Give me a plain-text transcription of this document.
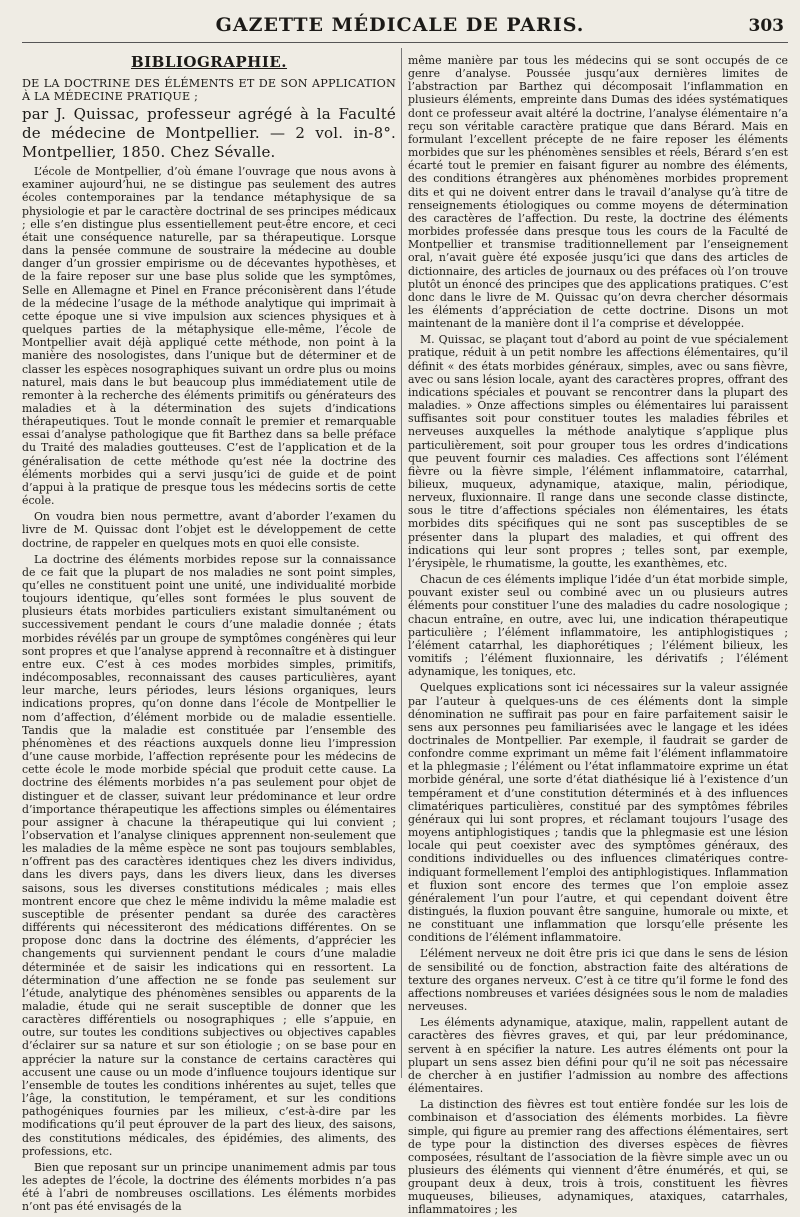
GAZETTE MÉDICALE DE PARIS.	303
BIBLIOGRAPHIE.

DE LA DOCTRINE DES ÉLÉMENTS ET DE SON APPLICATION À LA MÉDECINE PRATIQUE ;
par J. Quissac, professeur agrégé à la Faculté de médecine de Montpellier. — 2 vol. in-8°. Montpellier, 1850. Chez Sévalle.

L’école de Montpellier, d’où émane l’ouvrage que nous avons à examiner aujourd’hui, ne se distingue pas seulement des autres écoles contemporaines par la tendance métaphysique de sa physiologie et par le caractère doctrinal de ses principes médicaux ; elle s’en distingue plus essentiellement peut-être encore, et ceci était une conséquence naturelle, par sa thérapeutique. Lorsque dans la pensée commune de soustraire la médecine au double danger d’un grossier empirisme ou de décevantes hypothèses, et de la faire reposer sur une base plus solide que les symptômes, Selle en Allemagne et Pinel en France préconisèrent dans l’étude de la médecine l’usage de la méthode analytique qui imprimait à cette époque une si vive impulsion aux sciences physiques et à quelques parties de la métaphysique elle-même, l’école de Montpellier avait déjà appliqué cette méthode, non point à la manière des nosologistes, dans l’unique but de déterminer et de classer les espèces nosographiques suivant un ordre plus ou moins naturel, mais dans le but beaucoup plus immédiatement utile de remonter à la recherche des éléments primitifs ou générateurs des maladies et à la détermination des sujets d’indications thérapeutiques. Tout le monde connaît le premier et remarquable essai d’analyse pathologique que fit Barthez dans sa belle préface du Traité des maladies goutteuses. C’est de l’application et de la généralisation de cette méthode qu’est née la doctrine des éléments morbides qui a servi jusqu’ici de guide et de point d’appui à la pratique de presque tous les médecins sortis de cette école.

On voudra bien nous permettre, avant d’aborder l’examen du livre de M. Quissac dont l’objet est le développement de cette doctrine, de rappeler en quelques mots en quoi elle consiste.

La doctrine des éléments morbides repose sur la connaissance de ce fait que la plupart de nos maladies ne sont point simples, qu’elles ne constituent point une unité, une individualité morbide toujours identique, qu’elles sont formées le plus souvent de plusieurs états morbides particuliers existant simultanément ou successivement pendant le cours d’une maladie donnée ; états morbides révélés par un groupe de symptômes congénères qui leur sont propres et que l’analyse apprend à reconnaître et à distinguer entre eux. C’est à ces modes morbides simples, primitifs, indécomposables, reconnaissant des causes particulières, ayant leur marche, leurs périodes, leurs lésions organiques, leurs indications propres, qu’on donne dans l’école de Montpellier le nom d’affection, d’élément morbide ou de maladie essentielle. Tandis que la maladie est constituée par l’ensemble des phénomènes et des réactions auxquels donne lieu l’impression d’une cause morbide, l’affection représente pour les médecins de cette école le mode morbide spécial que produit cette cause. La doctrine des éléments morbides n’a pas seulement pour objet de distinguer et de classer, suivant leur prédominance et leur ordre d’importance thérapeutique les affections simples ou élémentaires pour assigner à chacune la thérapeutique qui lui convient ; l’observation et l’analyse cliniques apprennent non-seulement que les maladies de la même espèce ne sont pas toujours semblables, n’offrent pas des caractères identiques chez les divers individus, dans les divers pays, dans les divers lieux, dans les diverses saisons, sous les diverses constitutions médicales ; mais elles montrent encore que chez le même individu la même maladie est susceptible de présenter pendant sa durée des caractères différents qui nécessiteront des médications différentes. On se propose donc dans la doctrine des éléments, d’apprécier les changements qui surviennent pendant le cours d’une maladie déterminée et de saisir les indications qui en ressortent. La détermination d’une affection ne se fonde pas seulement sur l’étude, analytique des phénomènes sensibles ou apparents de la maladie, étude qui ne serait susceptible de donner que les caractères différentiels ou nosographiques ; elle s’appuie, en outre, sur toutes les conditions subjectives ou objectives capables d’éclairer sur sa nature et sur son étiologie ; on se base pour en apprécier la nature sur la constance de certains caractères qui accusent une cause ou un mode d’influence toujours identique sur l’ensemble de toutes les conditions inhérentes au sujet, telles que l’âge, la constitution, le tempérament, et sur les conditions pathogéniques fournies par les milieux, c’est-à-dire par les modifications qu’il peut éprouver de la part des lieux, des saisons, des constitutions médicales, des épidémies, des aliments, des professions, etc.

Bien que reposant sur un principe unanimement admis par tous les adeptes de l’école, la doctrine des éléments morbides n’a pas été à l’abri de nombreuses oscillations. Les éléments morbides n’ont pas été envisagés de la

même manière par tous les médecins qui se sont occupés de ce genre d’analyse. Poussée jusqu’aux dernières limites de l’abstraction par Barthez qui décomposait l’inflammation en plusieurs éléments, empreinte dans Dumas des idées systématiques dont ce professeur avait altéré la doctrine, l’analyse élémentaire n’a reçu son véritable caractère pratique que dans Bérard. Mais en formulant l’excellent précepte de ne faire reposer les éléments morbides que sur les phénomènes sensibles et réels, Bérard s’en est écarté tout le premier en faisant figurer au nombre des éléments, des conditions étrangères aux phénomènes morbides proprement dits et qui ne doivent entrer dans le travail d’analyse qu’à titre de renseignements étiologiques ou comme moyens de détermination des caractères de l’affection. Du reste, la doctrine des éléments morbides professée dans presque tous les cours de la Faculté de Montpellier et transmise traditionnellement par l’enseignement oral, n’avait guère été exposée jusqu’ici que dans des articles de dictionnaire, des articles de journaux ou des préfaces où l’on trouve plutôt un énoncé des principes que des applications pratiques. C’est donc dans le livre de M. Quissac qu’on devra chercher désormais les éléments d’appréciation de cette doctrine. Disons un mot maintenant de la manière dont il l’a comprise et développée.

M. Quissac, se plaçant tout d’abord au point de vue spécialement pratique, réduit à un petit nombre les affections élémentaires, qu’il définit « des états morbides généraux, simples, avec ou sans fièvre, avec ou sans lésion locale, ayant des caractères propres, offrant des indications spéciales et pouvant se rencontrer dans la plupart des maladies. » Onze affections simples ou élémentaires lui paraissent suffisantes soit pour constituer toutes les maladies fébriles et nerveuses auxquelles la méthode analytique s’applique plus particulièrement, soit pour grouper tous les ordres d’indications que peuvent fournir ces maladies. Ces affections sont l’élément fièvre ou la fièvre simple, l’élément inflammatoire, catarrhal, bilieux, muqueux, adynamique, ataxique, malin, périodique, nerveux, fluxionnaire. Il range dans une seconde classe distincte, sous le titre d’affections spéciales non élémentaires, les états morbides dits spécifiques qui ne sont pas susceptibles de se présenter dans la plupart des maladies, et qui offrent des indications qui leur sont propres ; telles sont, par exemple, l’érysipèle, le rhumatisme, la goutte, les exanthèmes, etc.

Chacun de ces éléments implique l’idée d’un état morbide simple, pouvant exister seul ou combiné avec un ou plusieurs autres éléments pour constituer l’une des maladies du cadre nosologique ; chacun entraîne, en outre, avec lui, une indication thérapeutique particulière ; l’élément inflammatoire, les antiphlogistiques ; l’élément catarrhal, les diaphorétiques ; l’élément bilieux, les vomitifs ; l’élément fluxionnaire, les dérivatifs ; l’élément adynamique, les toniques, etc.

Quelques explications sont ici nécessaires sur la valeur assignée par l’auteur à quelques-uns de ces éléments dont la simple dénomination ne suffirait pas pour en faire parfaitement saisir le sens aux personnes peu familiarisées avec le langage et les idées doctrinales de Montpellier. Par exemple, il faudrait se garder de confondre comme exprimant un même fait l’élément inflammatoire et la phlegmasie ; l’élément ou l’état inflammatoire exprime un état morbide général, une sorte d’état diathésique lié à l’existence d’un tempérament et d’une constitution déterminés et à des influences climatériques particulières, constitué par des symptômes fébriles généraux qui lui sont propres, et réclamant toujours l’usage des moyens antiphlogistiques ; tandis que la phlegmasie est une lésion locale qui peut coexister avec des symptômes généraux, des conditions individuelles ou des influences climatériques contre-indiquant formellement l’emploi des antiphlogistiques. Inflammation et fluxion sont encore des termes que l’on emploie assez généralement l’un pour l’autre, et qui cependant doivent être distingués, la fluxion pouvant être sanguine, humorale ou mixte, et ne constituant une inflammation que lorsqu’elle présente les conditions de l’élément inflammatoire.

L’élément nerveux ne doit être pris ici que dans le sens de lésion de sensibilité ou de fonction, abstraction faite des altérations de texture des organes nerveux. C’est à ce titre qu’il forme le fond des affections nombreuses et variées désignées sous le nom de maladies nerveuses.

Les éléments adynamique, ataxique, malin, rappellent autant de caractères des fièvres graves, et qui, par leur prédominance, servent à en spécifier la nature. Les autres éléments ont pour la plupart un sens assez bien défini pour qu’il ne soit pas nécessaire de chercher à en justifier l’admission au nombre des affections élémentaires.

La distinction des fièvres est tout entière fondée sur les lois de combinaison et d’association des éléments morbides. La fièvre simple, qui figure au premier rang des affections élémentaires, sert de type pour la distinction des diverses espèces de fièvres composées, résultant de l’association de la fièvre simple avec un ou plusieurs des éléments qui viennent d’être énumérés, et qui, se groupant deux à deux, trois à trois, constituent les fièvres muqueuses, bilieuses, adynamiques, ataxiques, catarrhales, inflammatoires ; les
